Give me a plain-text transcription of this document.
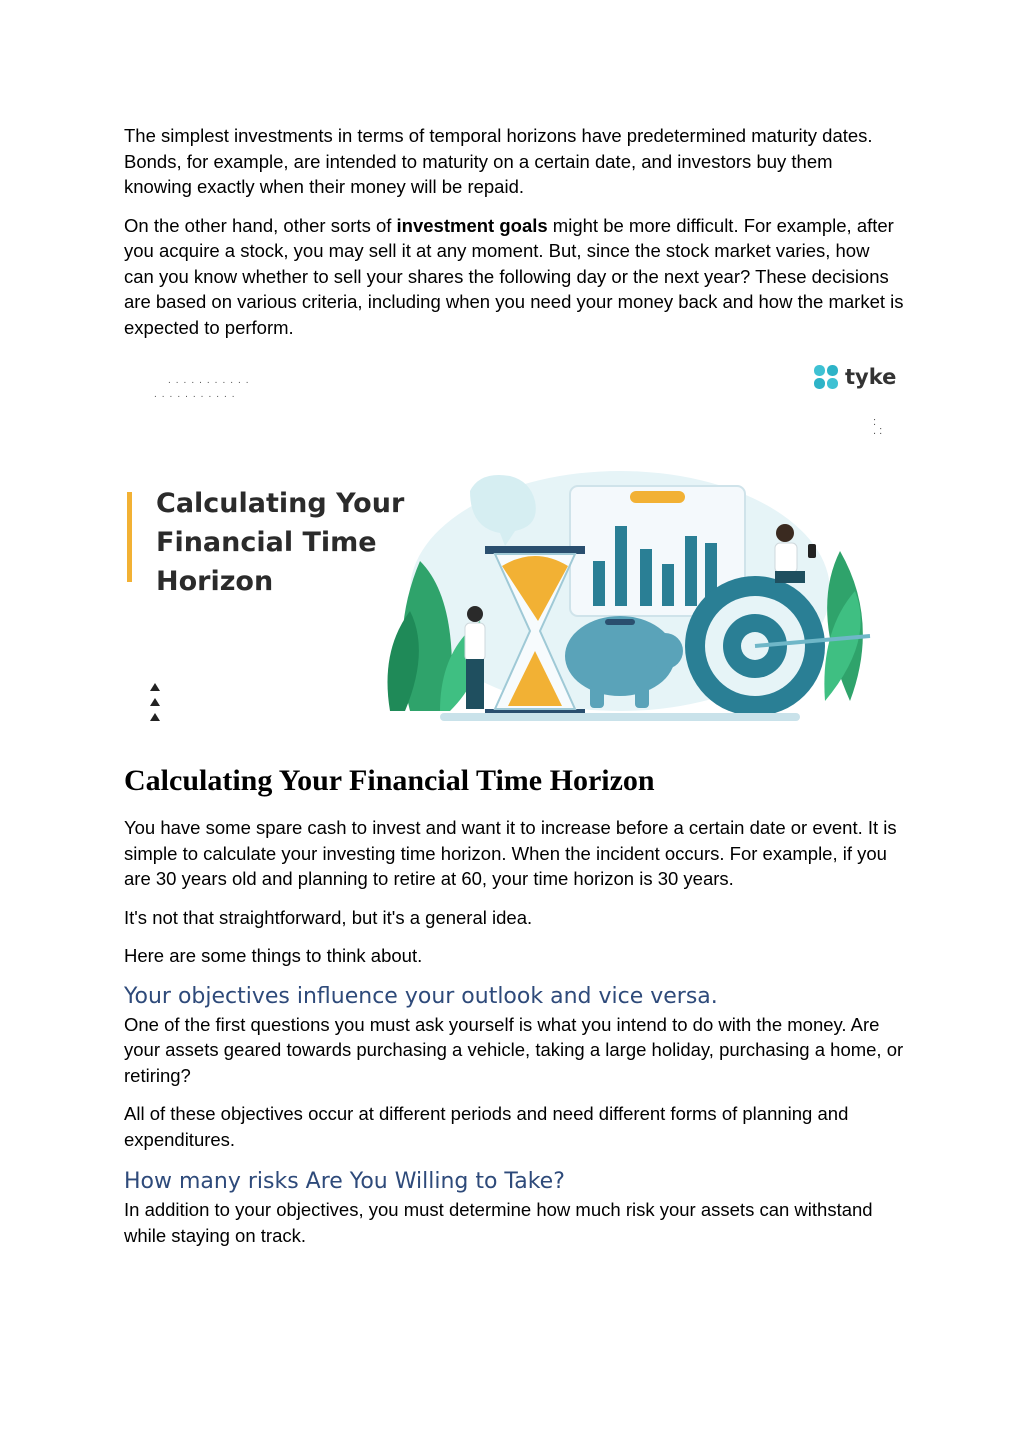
The simplest investments in terms of temporal horizons have predetermined maturity dates. Bonds, for example, are intended to maturity on a certain date, and investors buy them knowing exactly when their money will be repaid.

On the other hand, other sorts of investment goals might be more difficult. For example, after you acquire a stock, you may sell it at any moment. But, since the stock market varies, how can you know whether to sell your shares the following day or the next year? These decisions are based on various criteria, including when you need your money back and how the market is expected to perform.

...........
...........
:
. :
tyke
Calculating Your
Financial Time
Horizon
Calculating Your Financial Time Horizon

You have some spare cash to invest and want it to increase before a certain date or event. It is simple to calculate your investing time horizon. When the incident occurs. For example, if you are 30 years old and planning to retire at 60, your time horizon is 30 years.

It's not that straightforward, but it's a general idea.

Here are some things to think about.

Your objectives influence your outlook and vice versa.

One of the first questions you must ask yourself is what you intend to do with the money. Are your assets geared towards purchasing a vehicle, taking a large holiday, purchasing a home, or retiring?

All of these objectives occur at different periods and need different forms of planning and expenditures.

How many risks Are You Willing to Take?

In addition to your objectives, you must determine how much risk your assets can withstand while staying on track.
